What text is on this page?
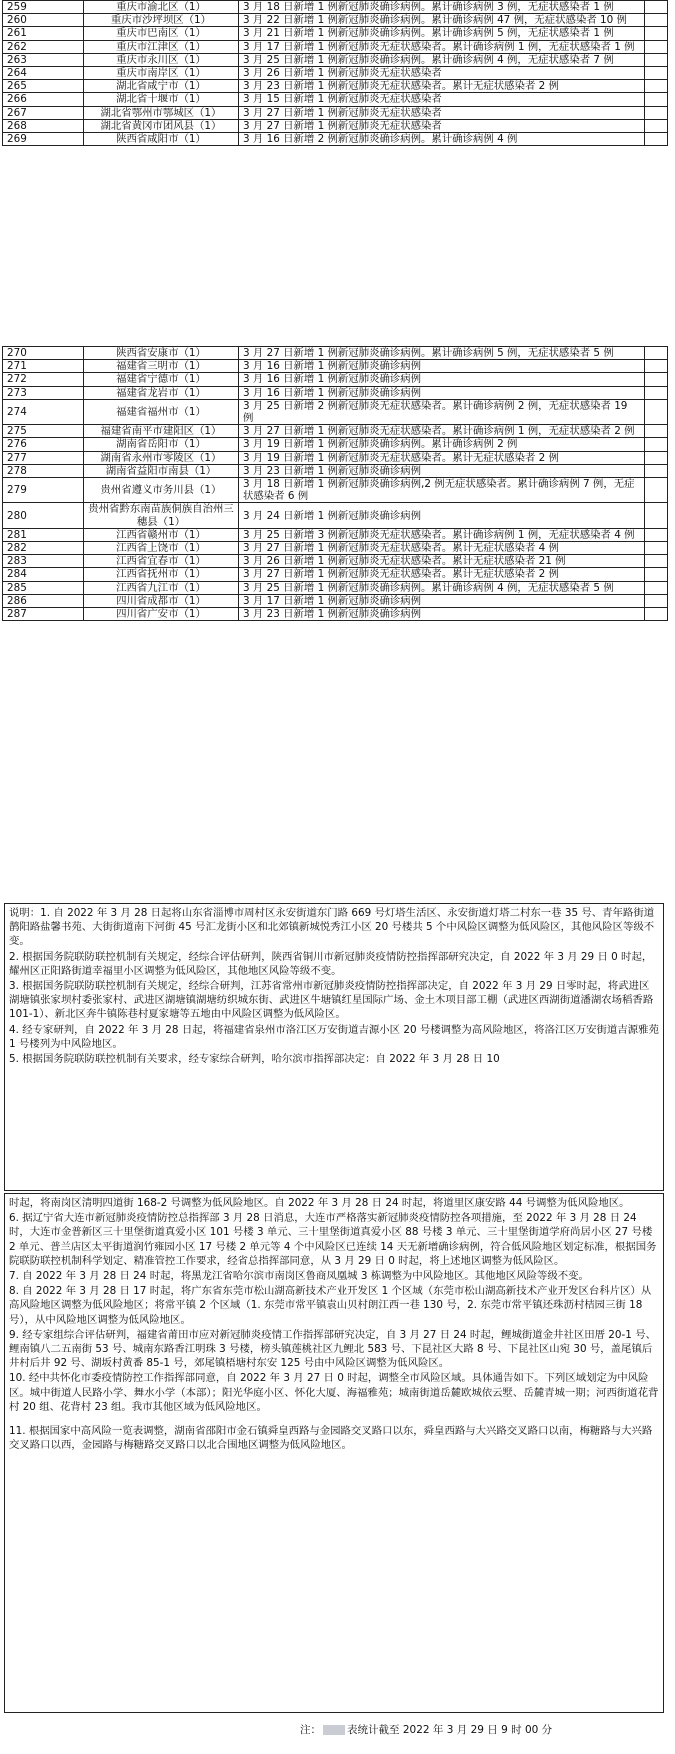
259	重庆市渝北区（1）	3 月 18 日新增 1 例新冠肺炎确诊病例。累计确诊病例 3 例，无症状感染者 1 例	
260	重庆市沙坪坝区（1）	3 月 22 日新增 1 例新冠肺炎确诊病例。累计确诊病例 47 例，无症状感染者 10 例	
261	重庆市巴南区（1）	3 月 21 日新增 1 例新冠肺炎确诊病例。累计确诊病例 5 例，无症状感染者 1 例	
262	重庆市江津区（1）	3 月 17 日新增 1 例新冠肺炎无症状感染者。累计确诊病例 1 例，无症状感染者 1 例	
263	重庆市永川区（1）	3 月 25 日新增 1 例新冠肺炎确诊病例。累计确诊病例 4 例，无症状感染者 7 例	
264	重庆市南岸区（1）	3 月 26 日新增 1 例新冠肺炎无症状感染者	
265	湖北省咸宁市（1）	3 月 23 日新增 1 例新冠肺炎无症状感染者。累计无症状感染者 2 例	
266	湖北省十堰市（1）	3 月 15 日新增 1 例新冠肺炎无症状感染者	
267	湖北省鄂州市鄂城区（1）	3 月 27 日新增 1 例新冠肺炎无症状感染者	
268	湖北省黄冈市团风县（1）	3 月 27 日新增 1 例新冠肺炎无症状感染者	
269	陕西省咸阳市（1）	3 月 16 日新增 2 例新冠肺炎确诊病例。累计确诊病例 4 例	
270	陕西省安康市（1）	3 月 27 日新增 1 例新冠肺炎确诊病例。累计确诊病例 5 例，无症状感染者 5 例	
271	福建省三明市（1）	3 月 16 日新增 1 例新冠肺炎确诊病例	
272	福建省宁德市（1）	3 月 16 日新增 1 例新冠肺炎确诊病例	
273	福建省龙岩市（1）	3 月 16 日新增 1 例新冠肺炎确诊病例	
274	福建省福州市（1）	3 月 25 日新增 2 例新冠肺炎无症状感染者。累计确诊病例 2 例，无症状感染者 19 例	
275	福建省南平市建阳区（1）	3 月 27 日新增 1 例新冠肺炎无症状感染者。累计确诊病例 1 例，无症状感染者 2 例	
276	湖南省岳阳市（1）	3 月 19 日新增 1 例新冠肺炎确诊病例。累计确诊病例 2 例	
277	湖南省永州市零陵区（1）	3 月 19 日新增 1 例新冠肺炎无症状感染者。累计无症状感染者 2 例	
278	湖南省益阳市南县（1）	3 月 23 日新增 1 例新冠肺炎确诊病例	
279	贵州省遵义市务川县（1）	3 月 18 日新增 1 例新冠肺炎确诊病例,2 例无症状感染者。累计确诊病例 7 例，无症状感染者 6 例	
280	贵州省黔东南苗族侗族自治州三穗县（1）	3 月 24 日新增 1 例新冠肺炎确诊病例	
281	江西省赣州市（1）	3 月 25 日新增 3 例新冠肺炎无症状感染者。累计确诊病例 1 例，无症状感染者 4 例	
282	江西省上饶市（1）	3 月 27 日新增 1 例新冠肺炎无症状感染者。累计无症状感染者 4 例	
283	江西省宜春市（1）	3 月 26 日新增 1 例新冠肺炎无症状感染者。累计无症状感染者 21 例	
284	江西省抚州市（1）	3 月 27 日新增 1 例新冠肺炎无症状感染者。累计无症状感染者 2 例	
285	江西省九江市（1）	3 月 25 日新增 1 例新冠肺炎确诊病例。累计确诊病例 4 例，无症状感染者 5 例	
286	四川省成都市（1）	3 月 17 日新增 1 例新冠肺炎确诊病例	
287	四川省广安市（1）	3 月 23 日新增 1 例新冠肺炎确诊病例	

说明：1. 自 2022 年 3 月 28 日起将山东省淄博市周村区永安街道东门路 669 号灯塔生活区、永安街道灯塔二村东一巷 35 号、青年路街道鹊阳路盐馨书苑、大街街道南下河街 45 号汇龙街小区和北郊镇新城悦秀江小区 20 号楼共 5 个中风险区调整为低风险区，其他风险区等级不变。

2. 根据国务院联防联控机制有关规定，经综合评估研判，陕西省铜川市新冠肺炎疫情防控指挥部研究决定，自 2022 年 3 月 29 日 0 时起，耀州区正阳路街道幸福里小区调整为低风险区，其他地区风险等级不变。

3. 根据国务院联防联控机制有关规定，经综合研判，江苏省常州市新冠肺炎疫情防控指挥部决定，自 2022 年 3 月 29 日零时起，将武进区湖塘镇张家坝村委张家村、武进区湖塘镇湖塘纺织城东街、武进区牛塘镇红星国际广场、金土木项目部工棚（武进区西湖街道潘湖农场稻香路 101-1）、新北区奔牛镇陈巷村夏家塘等五地由中风险区调整为低风险区。

4. 经专家研判，自 2022 年 3 月 28 日起，将福建省泉州市洛江区万安街道吉源小区 20 号楼调整为高风险地区，将洛江区万安街道吉源雅苑 1 号楼列为中风险地区。

5. 根据国务院联防联控机制有关要求，经专家综合研判，哈尔滨市指挥部决定：自 2022 年 3 月 28 日 10

时起，将南岗区清明四道街 168-2 号调整为低风险地区。自 2022 年 3 月 28 日 24 时起，将道里区康安路 44 号调整为低风险地区。

6. 据辽宁省大连市新冠肺炎疫情防控总指挥部 3 月 28 日消息，大连市严格落实新冠肺炎疫情防控各项措施，至 2022 年 3 月 28 日 24 时，大连市金普新区三十里堡街道真爱小区 101 号楼 3 单元、三十里堡街道真爱小区 88 号楼 3 单元、三十里堡街道学府尚居小区 27 号楼 2 单元、普兰店区太平街道润竹雍园小区 17 号楼 2 单元等 4 个中风险区已连续 14 天无新增确诊病例，符合低风险地区划定标准，根据国务院联防联控机制科学划定、精准管控工作要求，经省总指挥部同意，从 3 月 29 日 0 时起，将上述地区调整为低风险区。

7. 自 2022 年 3 月 28 日 24 时起，将黑龙江省哈尔滨市南岗区鲁商凤凰城 3 栋调整为中风险地区。其他地区风险等级不变。

8. 自 2022 年 3 月 28 日 17 时起，将广东省东莞市松山湖高新技术产业开发区 1 个区域（东莞市松山湖高新技术产业开发区台科片区）从高风险地区调整为低风险地区；将常平镇 2 个区域（1. 东莞市常平镇袁山贝村朗江西一巷 130 号，2. 东莞市常平镇还珠沥村桔园三街 18 号），从中风险地区调整为低风险地区。

9. 经专家组综合评估研判，福建省莆田市应对新冠肺炎疫情工作指挥部研究决定，自 3 月 27 日 24 时起，鲤城街道金井社区田厝 20-1 号、鲤南镇八二五南街 53 号、城南东路香江明珠 3 号楼，榜头镇莲桃社区九鲤北 583 号、下昆社区大路 8 号、下昆社区山宛 30 号，盖尾镇后井村后井 92 号、湖坂村黄番 85-1 号，郊尾镇梧塘村东安 125 号由中风险区调整为低风险区。

10. 经中共怀化市委疫情防控工作指挥部同意，自 2022 年 3 月 27 日 0 时起，调整全市风险区域。具体通告如下。下列区域划定为中风险区。城中街道人民路小学、舞水小学（本部）；阳光华庭小区、怀化大厦、海福雅苑；城南街道岳麓欧城依云墅、岳麓青城一期；河西街道花背村 20 组、花背村 23 组。我市其他区域为低风险地区。

11. 根据国家中高风险一览表调整，湖南省邵阳市金石镇舜皇西路与金园路交叉路口以东，舜皇西路与大兴路交叉路口以南，梅糖路与大兴路交叉路口以西，金园路与梅糖路交叉路口以北合围地区调整为低风险地区。

注： 表统计截至 2022 年 3 月 29 日 9 时 00 分
